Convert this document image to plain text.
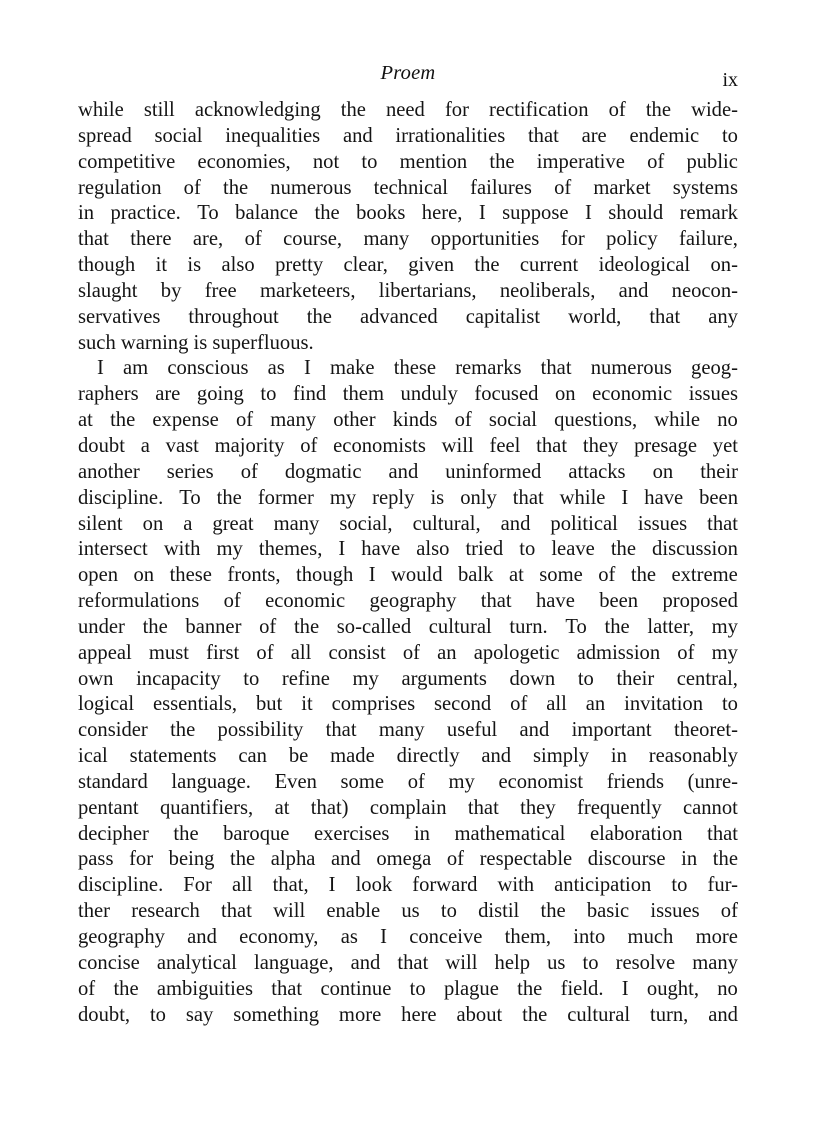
Proem	ix
while still acknowledging the need for rectification of the wide-
spread social inequalities and irrationalities that are endemic to
competitive economies, not to mention the imperative of public
regulation of the numerous technical failures of market systems
in practice. To balance the books here, I suppose I should remark
that there are, of course, many opportunities for policy failure,
though it is also pretty clear, given the current ideological on-
slaught by free marketeers, libertarians, neoliberals, and neocon-
servatives throughout the advanced capitalist world, that any
such warning is superfluous.
I am conscious as I make these remarks that numerous geog-
raphers are going to find them unduly focused on economic issues
at the expense of many other kinds of social questions, while no
doubt a vast majority of economists will feel that they presage yet
another series of dogmatic and uninformed attacks on their
discipline. To the former my reply is only that while I have been
silent on a great many social, cultural, and political issues that
intersect with my themes, I have also tried to leave the discussion
open on these fronts, though I would balk at some of the extreme
reformulations of economic geography that have been proposed
under the banner of the so-called cultural turn. To the latter, my
appeal must first of all consist of an apologetic admission of my
own incapacity to refine my arguments down to their central,
logical essentials, but it comprises second of all an invitation to
consider the possibility that many useful and important theoret-
ical statements can be made directly and simply in reasonably
standard language. Even some of my economist friends (unre-
pentant quantifiers, at that) complain that they frequently cannot
decipher the baroque exercises in mathematical elaboration that
pass for being the alpha and omega of respectable discourse in the
discipline. For all that, I look forward with anticipation to fur-
ther research that will enable us to distil the basic issues of
geography and economy, as I conceive them, into much more
concise analytical language, and that will help us to resolve many
of the ambiguities that continue to plague the field. I ought, no
doubt, to say something more here about the cultural turn, and
